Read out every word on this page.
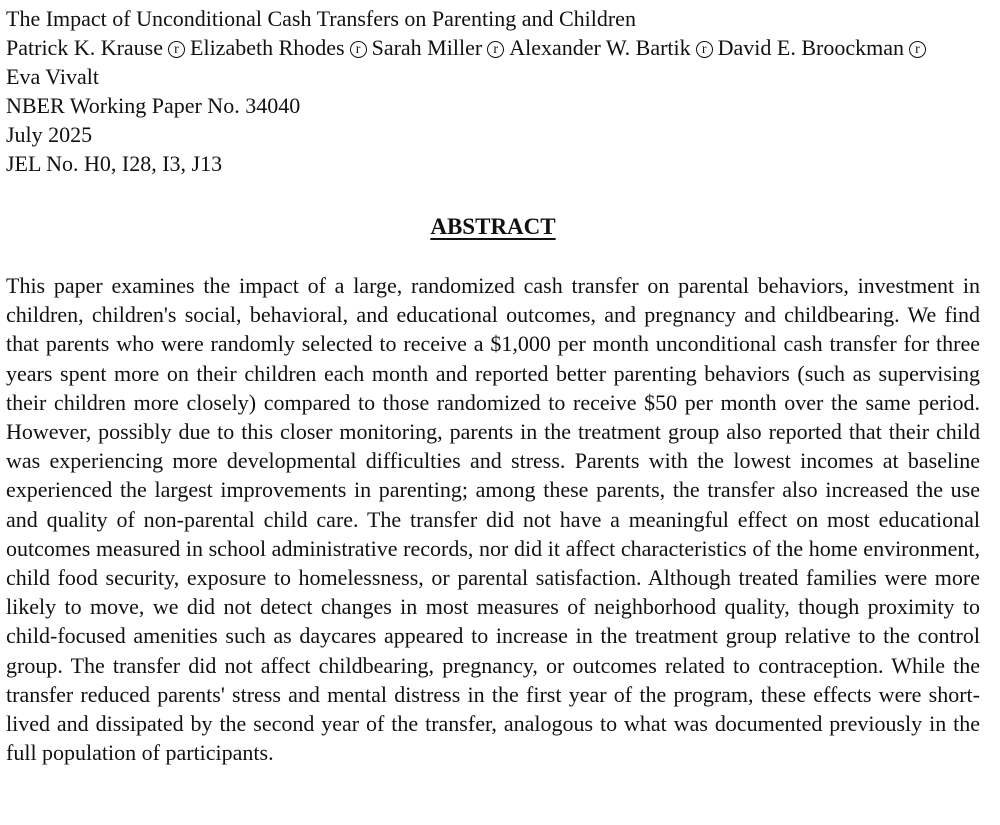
The Impact of Unconditional Cash Transfers on Parenting and Children
Patrick K. Krause r Elizabeth Rhodes r Sarah Miller r Alexander W. Bartik r David E. Broockman rEva Vivalt
NBER Working Paper No. 34040
July 2025
JEL No. H0, I28, I3, J13
ABSTRACT
This paper examines the impact of a large, randomized cash transfer on parental behaviors, investment in children, children's social, behavioral, and educational outcomes, and pregnancy and childbearing. We find that parents who were randomly selected to receive a $1,000 per month unconditional cash transfer for three years spent more on their children each month and reported better parenting behaviors (such as supervising their children more closely) compared to those randomized to receive $50 per month over the same period. However, possibly due to this closer monitoring, parents in the treatment group also reported that their child was experiencing more developmental difficulties and stress. Parents with the lowest incomes at baseline experienced the largest improvements in parenting; among these parents, the transfer also increased the use and quality of non-parental child care. The transfer did not have a meaningful effect on most educational outcomes measured in school administrative records, nor did it affect characteristics of the home environment, child food security, exposure to homelessness, or parental satisfaction. Although treated families were more likely to move, we did not detect changes in most measures of neighborhood quality, though proximity to child-focused amenities such as daycares appeared to increase in the treatment group relative to the control group. The transfer did not affect childbearing, pregnancy, or outcomes related to contraception. While the transfer reduced parents' stress and mental distress in the first year of the program, these effects were short-lived and dissipated by the second year of the transfer, analogous to what was documented previously in the full population of participants.
